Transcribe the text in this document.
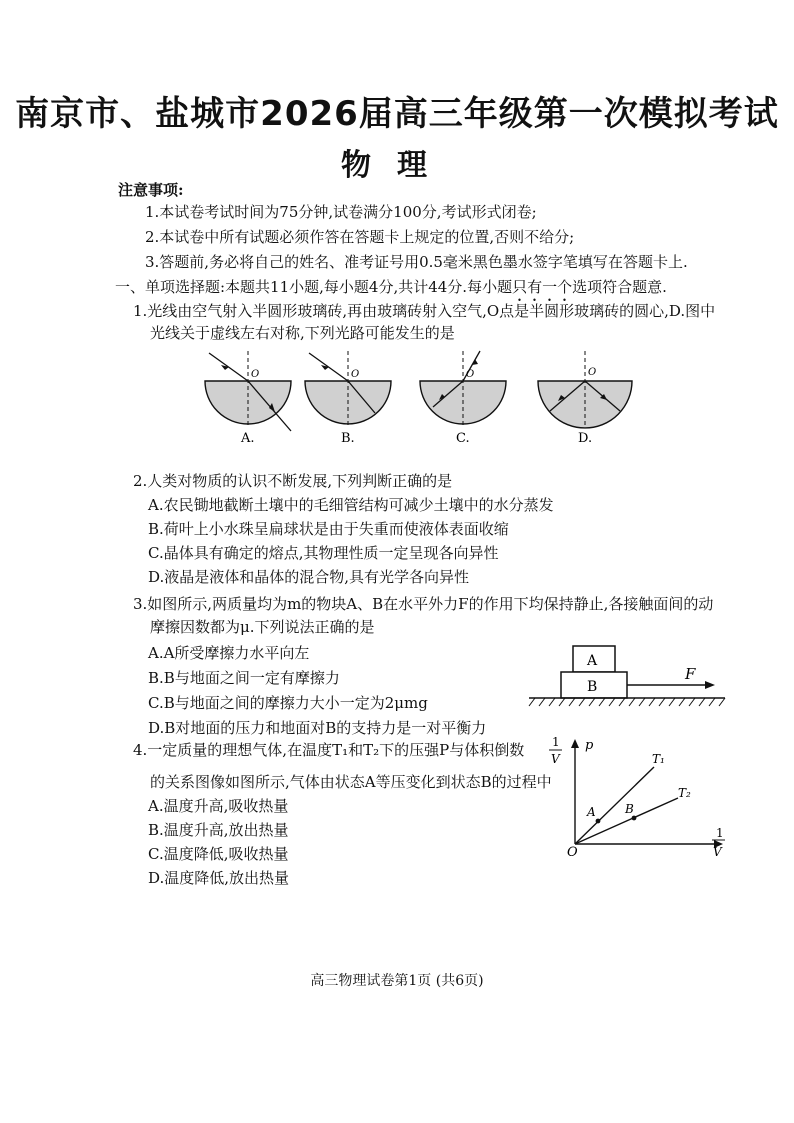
南京市、盐城市2026届高三年级第一次模拟考试
物理
注意事项:
1.本试卷考试时间为75分钟,试卷满分100分,考试形式闭卷;
2.本试卷中所有试题必须作答在答题卡上规定的位置,否则不给分;
3.答题前,务必将自己的姓名、准考证号用0.5毫米黑色墨水签字笔填写在答题卡上.
一、单项选择题:本题共11小题,每小题4分,共计44分.每小题只有一个选项符合题意.
1.光线由空气射入半圆形玻璃砖,再由玻璃砖射入空气,O点是半圆形玻璃砖的圆心,D.图中
光线关于虚线左右对称,下列光路可能发生的是
O
A.
O
B.
O
C.
O
D.
2.人类对物质的认识不断发展,下列判断正确的是
A.农民锄地截断土壤中的毛细管结构可减少土壤中的水分蒸发
B.荷叶上小水珠呈扁球状是由于失重而使液体表面收缩
C.晶体具有确定的熔点,其物理性质一定呈现各向异性
D.液晶是液体和晶体的混合物,具有光学各向异性
3.如图所示,两质量均为m的物块A、B在水平外力F的作用下均保持静止,各接触面间的动
摩擦因数都为μ.下列说法正确的是
A.A所受摩擦力水平向左
B.B与地面之间一定有摩擦力
C.B与地面之间的摩擦力大小一定为2μmg
D.B对地面的压力和地面对B的支持力是一对平衡力
A
B
F
4.一定质量的理想气体,在温度T₁和T₂下的压强P与体积倒数 1
V
的关系图像如图所示,气体由状态A等压变化到状态B的过程中
A.温度升高,吸收热量
B.温度升高,放出热量
C.温度降低,吸收热量
D.温度降低,放出热量
p
1
V
O
T₁
T₂
A B
高三物理试卷第1页 (共6页)
